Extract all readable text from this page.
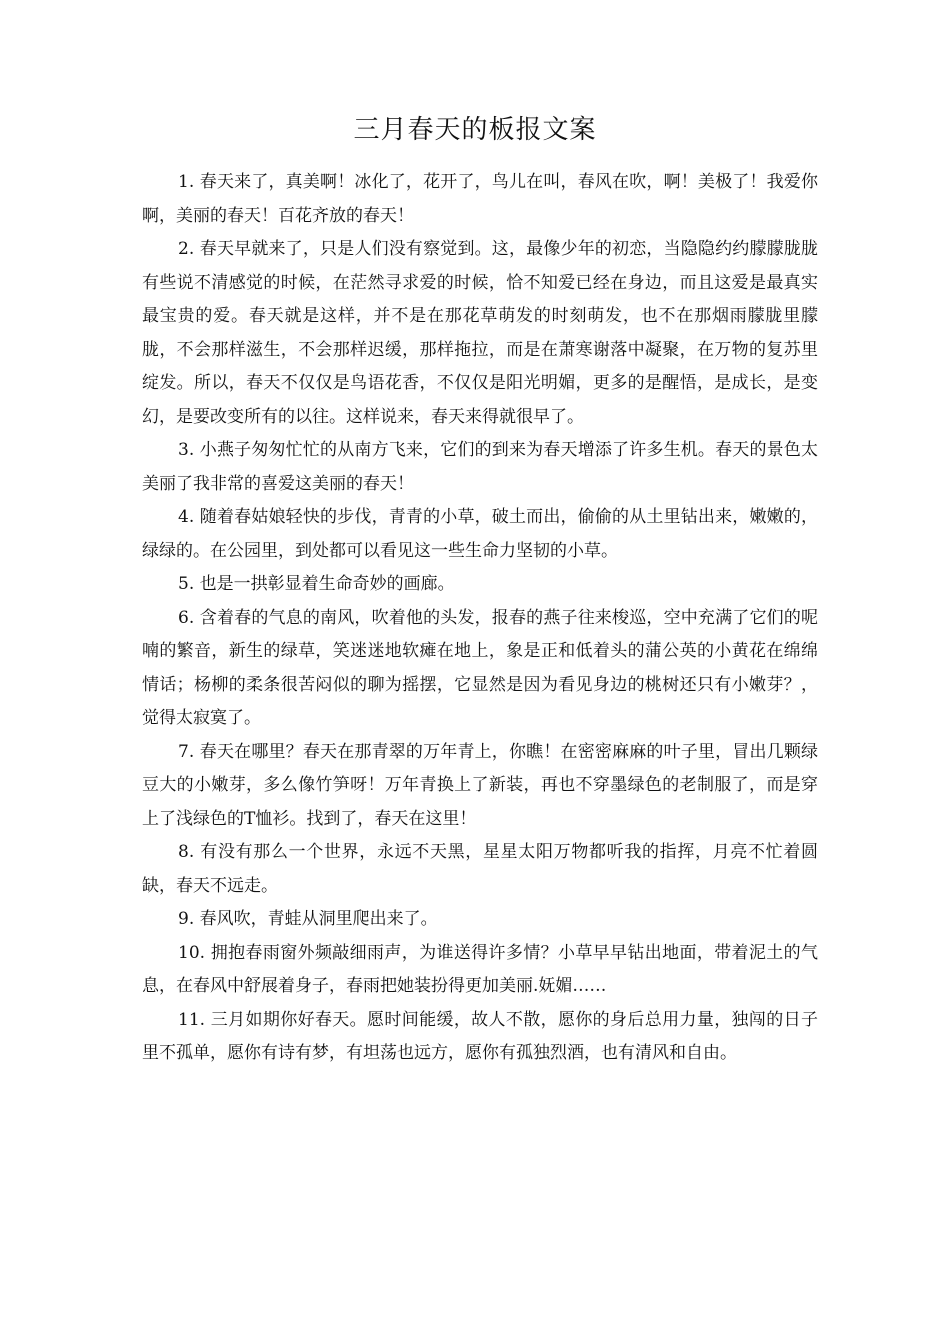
三月春天的板报文案

1. 春天来了，真美啊！冰化了，花开了，鸟儿在叫，春风在吹，啊！美极了！我爱你啊，美丽的春天！百花齐放的春天！

2. 春天早就来了，只是人们没有察觉到。这，最像少年的初恋，当隐隐约约朦朦胧胧有些说不清感觉的时候，在茫然寻求爱的时候，恰不知爱已经在身边，而且这爱是最真实最宝贵的爱。春天就是这样，并不是在那花草萌发的时刻萌发，也不在那烟雨朦胧里朦胧，不会那样滋生，不会那样迟缓，那样拖拉，而是在萧寒谢落中凝聚，在万物的复苏里绽发。所以，春天不仅仅是鸟语花香，不仅仅是阳光明媚，更多的是醒悟，是成长，是变幻，是要改变所有的以往。这样说来，春天来得就很早了。

3. 小燕子匆匆忙忙的从南方飞来，它们的到来为春天增添了许多生机。春天的景色太美丽了我非常的喜爱这美丽的春天！

4. 随着春姑娘轻快的步伐，青青的小草，破土而出，偷偷的从土里钻出来，嫩嫩的，绿绿的。在公园里，到处都可以看见这一些生命力坚韧的小草。

5. 也是一拱彰显着生命奇妙的画廊。

6. 含着春的气息的南风，吹着他的头发，报春的燕子往来梭巡，空中充满了它们的呢喃的繁音，新生的绿草，笑迷迷地软瘫在地上，象是正和低着头的蒲公英的小黄花在绵绵情话；杨柳的柔条很苦闷似的聊为摇摆，它显然是因为看见身边的桃树还只有小嫩芽？，觉得太寂寞了。

7. 春天在哪里？春天在那青翠的万年青上，你瞧！在密密麻麻的叶子里，冒出几颗绿豆大的小嫩芽，多么像竹笋呀！万年青换上了新装，再也不穿墨绿色的老制服了，而是穿上了浅绿色的T恤衫。找到了，春天在这里！

8. 有没有那么一个世界，永远不天黑，星星太阳万物都听我的指挥，月亮不忙着圆缺，春天不远走。

9. 春风吹，青蛙从洞里爬出来了。

10. 拥抱春雨窗外频敲细雨声，为谁送得许多情？小草早早钻出地面，带着泥土的气息，在春风中舒展着身子，春雨把她装扮得更加美丽.妩媚……

11. 三月如期你好春天。愿时间能缓，故人不散，愿你的身后总用力量，独闯的日子里不孤单，愿你有诗有梦，有坦荡也远方，愿你有孤独烈酒，也有清风和自由。
